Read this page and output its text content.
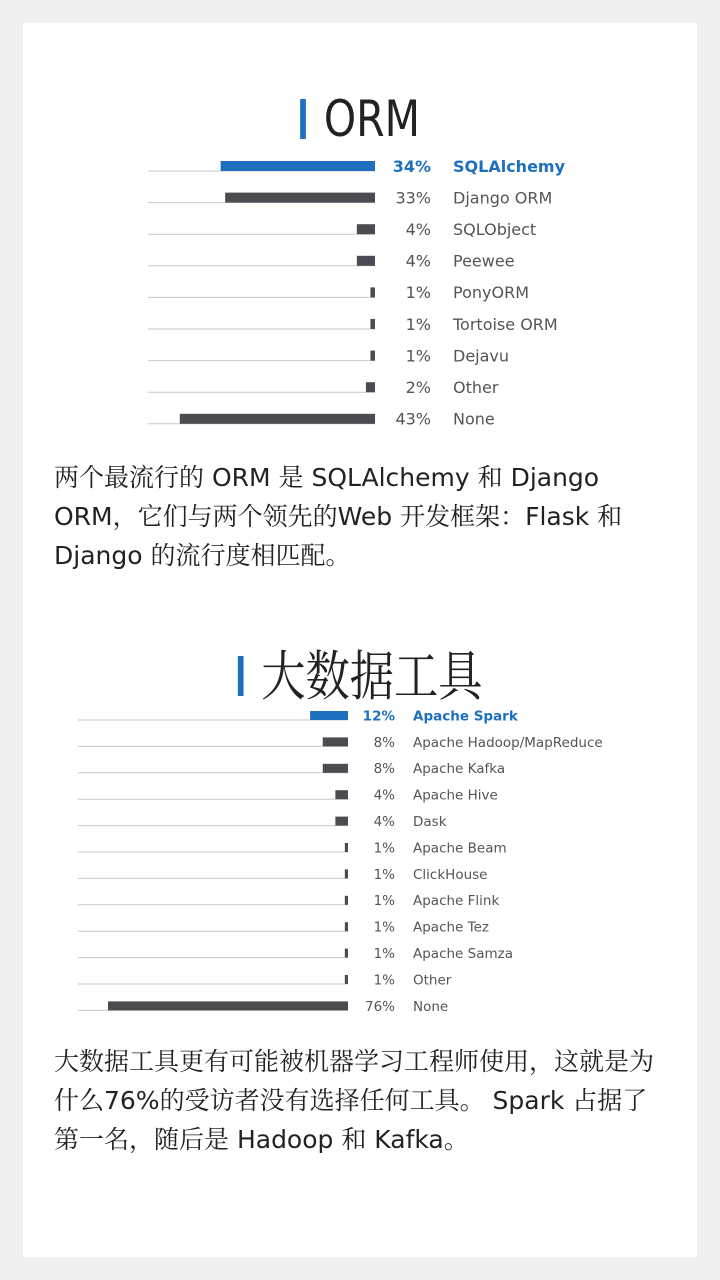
ORM
34% SQLAlchemy
33% Django ORM
4% SQLObject
4% Peewee
1% PonyORM
1% Tortoise ORM
1% Dejavu
2% Other
43% None
两个最流行的 ORM 是 SQLAlchemy 和 Django ORM，它们与两个领先的Web 开发框架：Flask 和 Django 的流行度相匹配。
大数据工具
12% Apache Spark
8% Apache Hadoop/MapReduce
8% Apache Kafka
4% Apache Hive
4% Dask
1% Apache Beam
1% ClickHouse
1% Apache Flink
1% Apache Tez
1% Apache Samza
1% Other
76% None
大数据工具更有可能被机器学习工程师使用，这就是为什么76%的受访者没有选择任何工具。 Spark 占据了第一名，随后是 Hadoop 和 Kafka。
